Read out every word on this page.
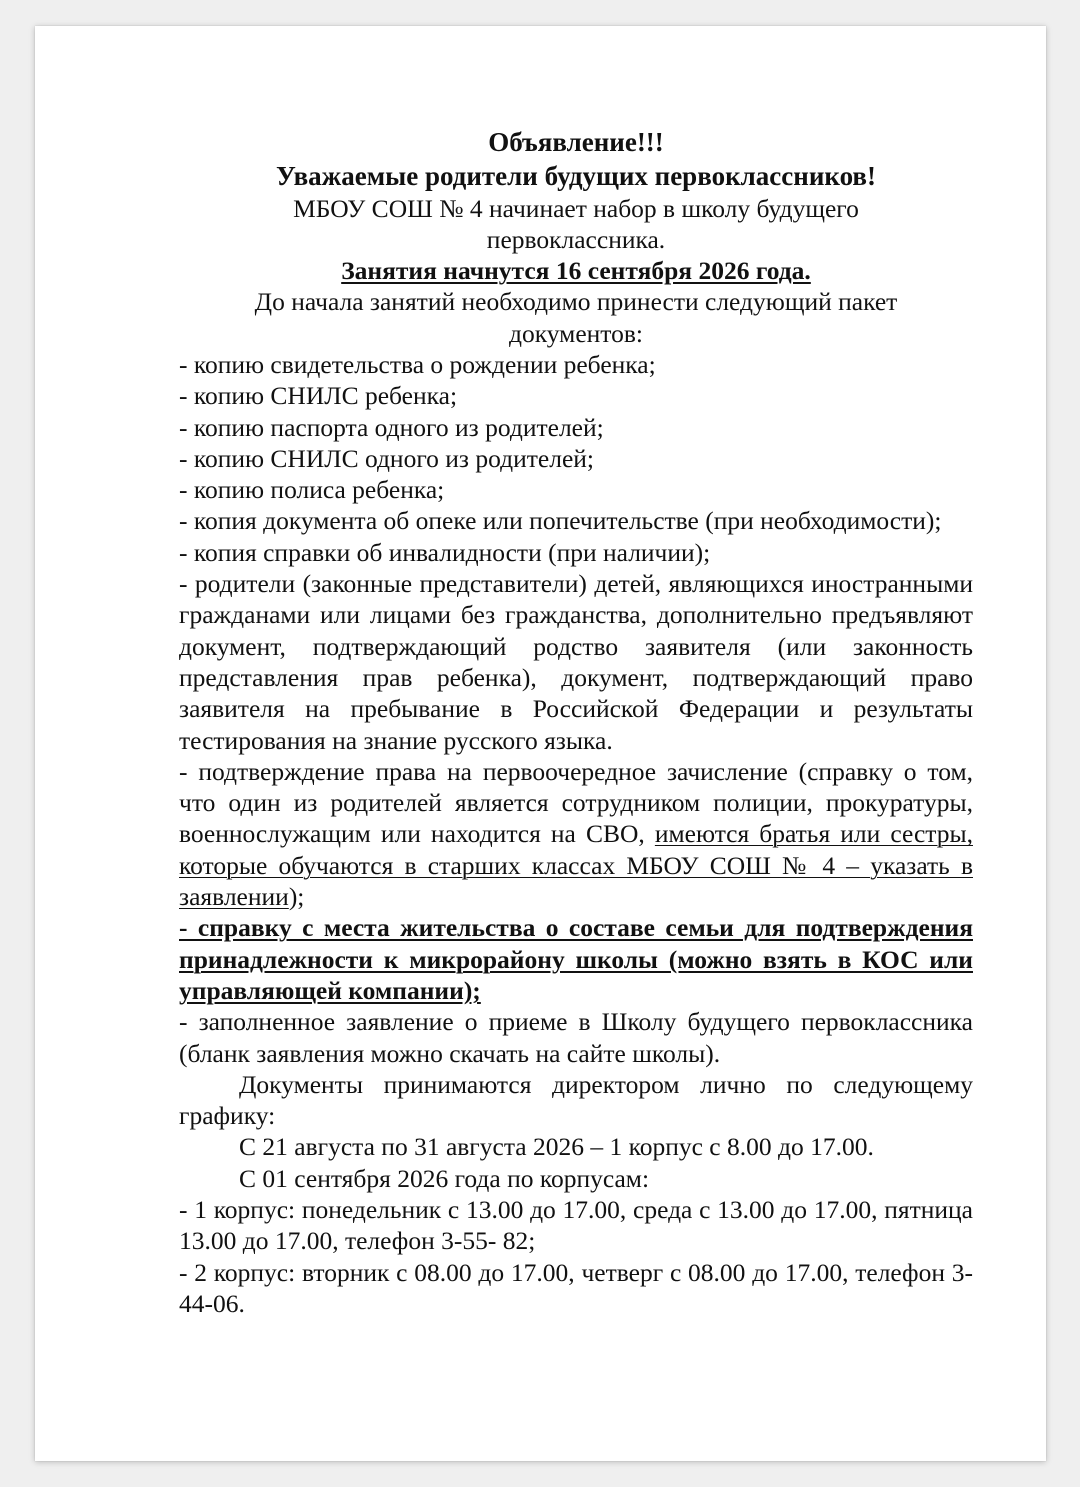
Объявление!!!

Уважаемые родители будущих первоклассников!

МБОУ СОШ № 4 начинает набор в школу будущего первоклассника.

Занятия начнутся 16 сентября 2026 года.

До начала занятий необходимо принести следующий пакет документов:

- копию свидетельства о рождении ребенка;

- копию СНИЛС ребенка;

- копию паспорта одного из родителей;

- копию СНИЛС одного из родителей;

- копию полиса ребенка;

- копия документа об опеке или попечительстве (при необходимости);

- копия справки об инвалидности (при наличии);

- родители (законные представители) детей, являющихся иностранными гражданами или лицами без гражданства, дополнительно предъявляют документ, подтверждающий родство заявителя (или законность представления прав ребенка), документ, подтверждающий право заявителя на пребывание в Российской Федерации и результаты тестирования на знание русского языка.

- подтверждение права на первоочередное зачисление (справку о том, что один из родителей является сотрудником полиции, прокуратуры, военнослужащим или находится на СВО, имеются братья или сестры, которые обучаются в старших классах МБОУ СОШ № 4 – указать в заявлении);

- справку с места жительства о составе семьи для подтверждения принадлежности к микрорайону школы (можно взять в КОС или управляющей компании);

- заполненное заявление о приеме в Школу будущего первоклассника (бланк заявления можно скачать на сайте школы).

Документы принимаются директором лично по следующему графику:

С 21 августа по 31 августа 2026 – 1 корпус с 8.00 до 17.00.

С 01 сентября 2026 года по корпусам:

- 1 корпус: понедельник с 13.00 до 17.00, среда с 13.00 до 17.00, пятница 13.00 до 17.00, телефон 3-55- 82;

- 2 корпус: вторник с 08.00 до 17.00, четверг с 08.00 до 17.00, телефон 3-44-06.
